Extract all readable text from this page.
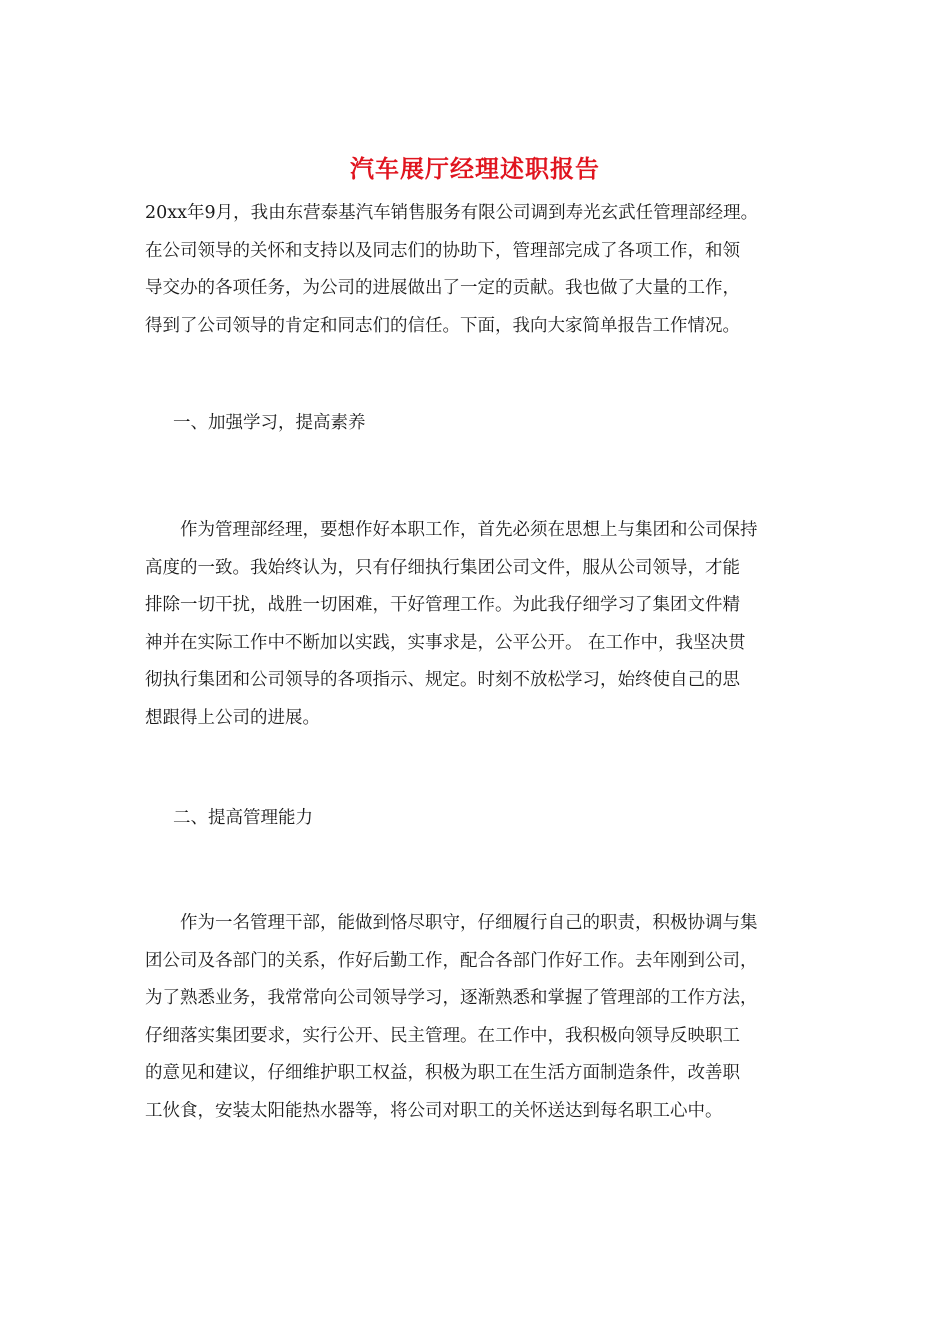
汽车展厅经理述职报告

20xx年9月，我由东营泰基汽车销售服务有限公司调到寿光玄武任管理部经理。

在公司领导的关怀和支持以及同志们的协助下，管理部完成了各项工作，和领

导交办的各项任务，为公司的进展做出了一定的贡献。我也做了大量的工作，

得到了公司领导的肯定和同志们的信任。下面，我向大家简单报告工作情况。

一、加强学习，提高素养

作为管理部经理，要想作好本职工作，首先必须在思想上与集团和公司保持

高度的一致。我始终认为，只有仔细执行集团公司文件，服从公司领导，才能

排除一切干扰，战胜一切困难，干好管理工作。为此我仔细学习了集团文件精

神并在实际工作中不断加以实践，实事求是，公平公开。 在工作中，我坚决贯

彻执行集团和公司领导的各项指示、规定。时刻不放松学习，始终使自己的思

想跟得上公司的进展。

二、提高管理能力

作为一名管理干部，能做到恪尽职守，仔细履行自己的职责，积极协调与集

团公司及各部门的关系，作好后勤工作，配合各部门作好工作。去年刚到公司，

为了熟悉业务，我常常向公司领导学习，逐渐熟悉和掌握了管理部的工作方法，

仔细落实集团要求，实行公开、民主管理。在工作中，我积极向领导反映职工

的意见和建议，仔细维护职工权益，积极为职工在生活方面制造条件，改善职

工伙食，安装太阳能热水器等，将公司对职工的关怀送达到每名职工心中。
